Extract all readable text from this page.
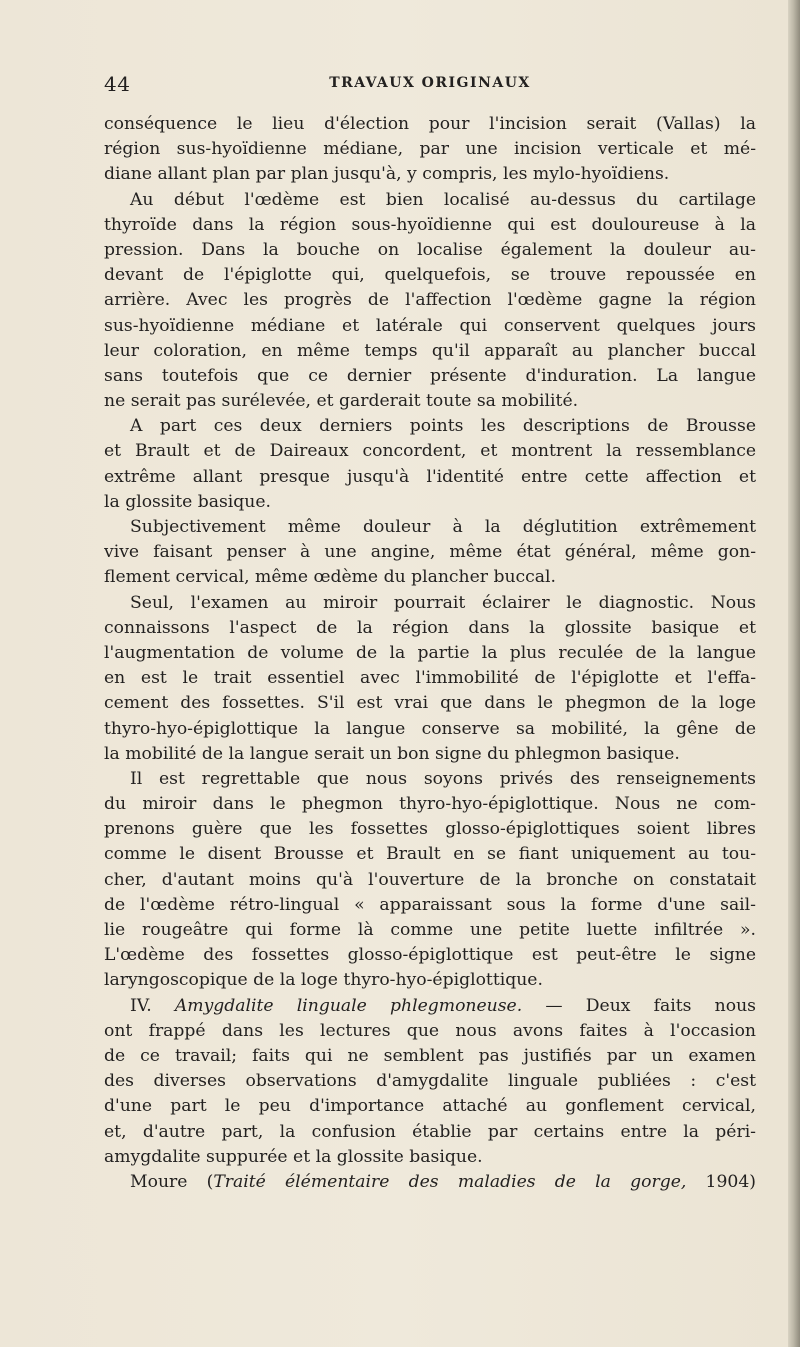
44	TRAVAUX ORIGINAUX
conséquence le lieu d'élection pour l'incision serait (Vallas) la
région sus-hyoïdienne médiane, par une incision verticale et mé-
diane allant plan par plan jusqu'à, y compris, les mylo-hyoïdiens.
Au début l'œdème est bien localisé au-dessus du cartilage
thyroïde dans la région sous-hyoïdienne qui est douloureuse à la
pression. Dans la bouche on localise également la douleur au-
devant de l'épiglotte qui, quelquefois, se trouve repoussée en
arrière. Avec les progrès de l'affection l'œdème gagne la région
sus-hyoïdienne médiane et latérale qui conservent quelques jours
leur coloration, en même temps qu'il apparaît au plancher buccal
sans toutefois que ce dernier présente d'induration. La langue
ne serait pas surélevée, et garderait toute sa mobilité.
A part ces deux derniers points les descriptions de Brousse
et Brault et de Daireaux concordent, et montrent la ressemblance
extrême allant presque jusqu'à l'identité entre cette affection et
la glossite basique.
Subjectivement même douleur à la déglutition extrêmement
vive faisant penser à une angine, même état général, même gon-
flement cervical, même œdème du plancher buccal.
Seul, l'examen au miroir pourrait éclairer le diagnostic. Nous
connaissons l'aspect de la région dans la glossite basique et
l'augmentation de volume de la partie la plus reculée de la langue
en est le trait essentiel avec l'immobilité de l'épiglotte et l'effa-
cement des fossettes. S'il est vrai que dans le phegmon de la loge
thyro-hyo-épiglottique la langue conserve sa mobilité, la gêne de
la mobilité de la langue serait un bon signe du phlegmon basique.
Il est regrettable que nous soyons privés des renseignements
du miroir dans le phegmon thyro-hyo-épiglottique. Nous ne com-
prenons guère que les fossettes glosso-épiglottiques soient libres
comme le disent Brousse et Brault en se fiant uniquement au tou-
cher, d'autant moins qu'à l'ouverture de la bronche on constatait
de l'œdème rétro-lingual « apparaissant sous la forme d'une sail-
lie rougeâtre qui forme là comme une petite luette infiltrée ».
L'œdème des fossettes glosso-épiglottique est peut-être le signe
laryngoscopique de la loge thyro-hyo-épiglottique.
IV. Amygdalite linguale phlegmoneuse. — Deux faits nous
ont frappé dans les lectures que nous avons faites à l'occasion
de ce travail; faits qui ne semblent pas justifiés par un examen
des diverses observations d'amygdalite linguale publiées : c'est
d'une part le peu d'importance attaché au gonflement cervical,
et, d'autre part, la confusion établie par certains entre la péri-
amygdalite suppurée et la glossite basique.
Moure (Traité élémentaire des maladies de la gorge, 1904)
